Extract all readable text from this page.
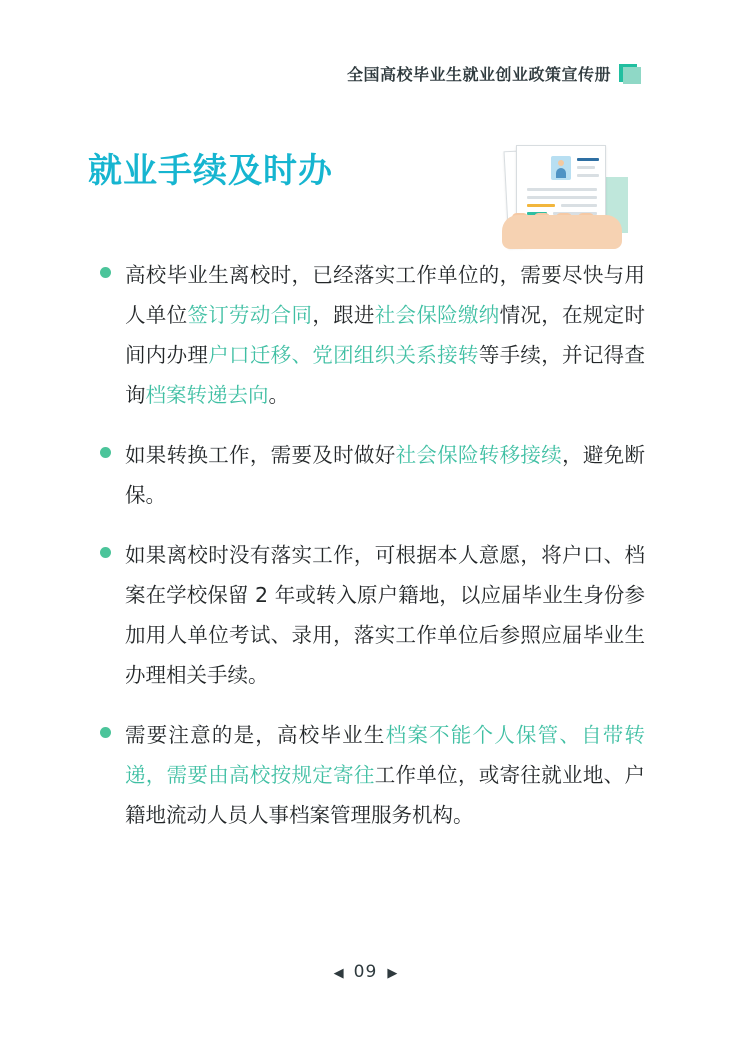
全国高校毕业生就业创业政策宣传册
就业手续及时办
高校毕业生离校时，已经落实工作单位的，需要尽快与用人单位签订劳动合同，跟进社会保险缴纳情况，在规定时间内办理户口迁移、党团组织关系接转等手续，并记得查询档案转递去向。
如果转换工作，需要及时做好社会保险转移接续，避免断保。
如果离校时没有落实工作，可根据本人意愿，将户口、档案在学校保留 2 年或转入原户籍地，以应届毕业生身份参加用人单位考试、录用，落实工作单位后参照应届毕业生办理相关手续。
需要注意的是，高校毕业生档案不能个人保管、自带转递，需要由高校按规定寄往工作单位，或寄往就业地、户籍地流动人员人事档案管理服务机构。
◀ 09 ▶
